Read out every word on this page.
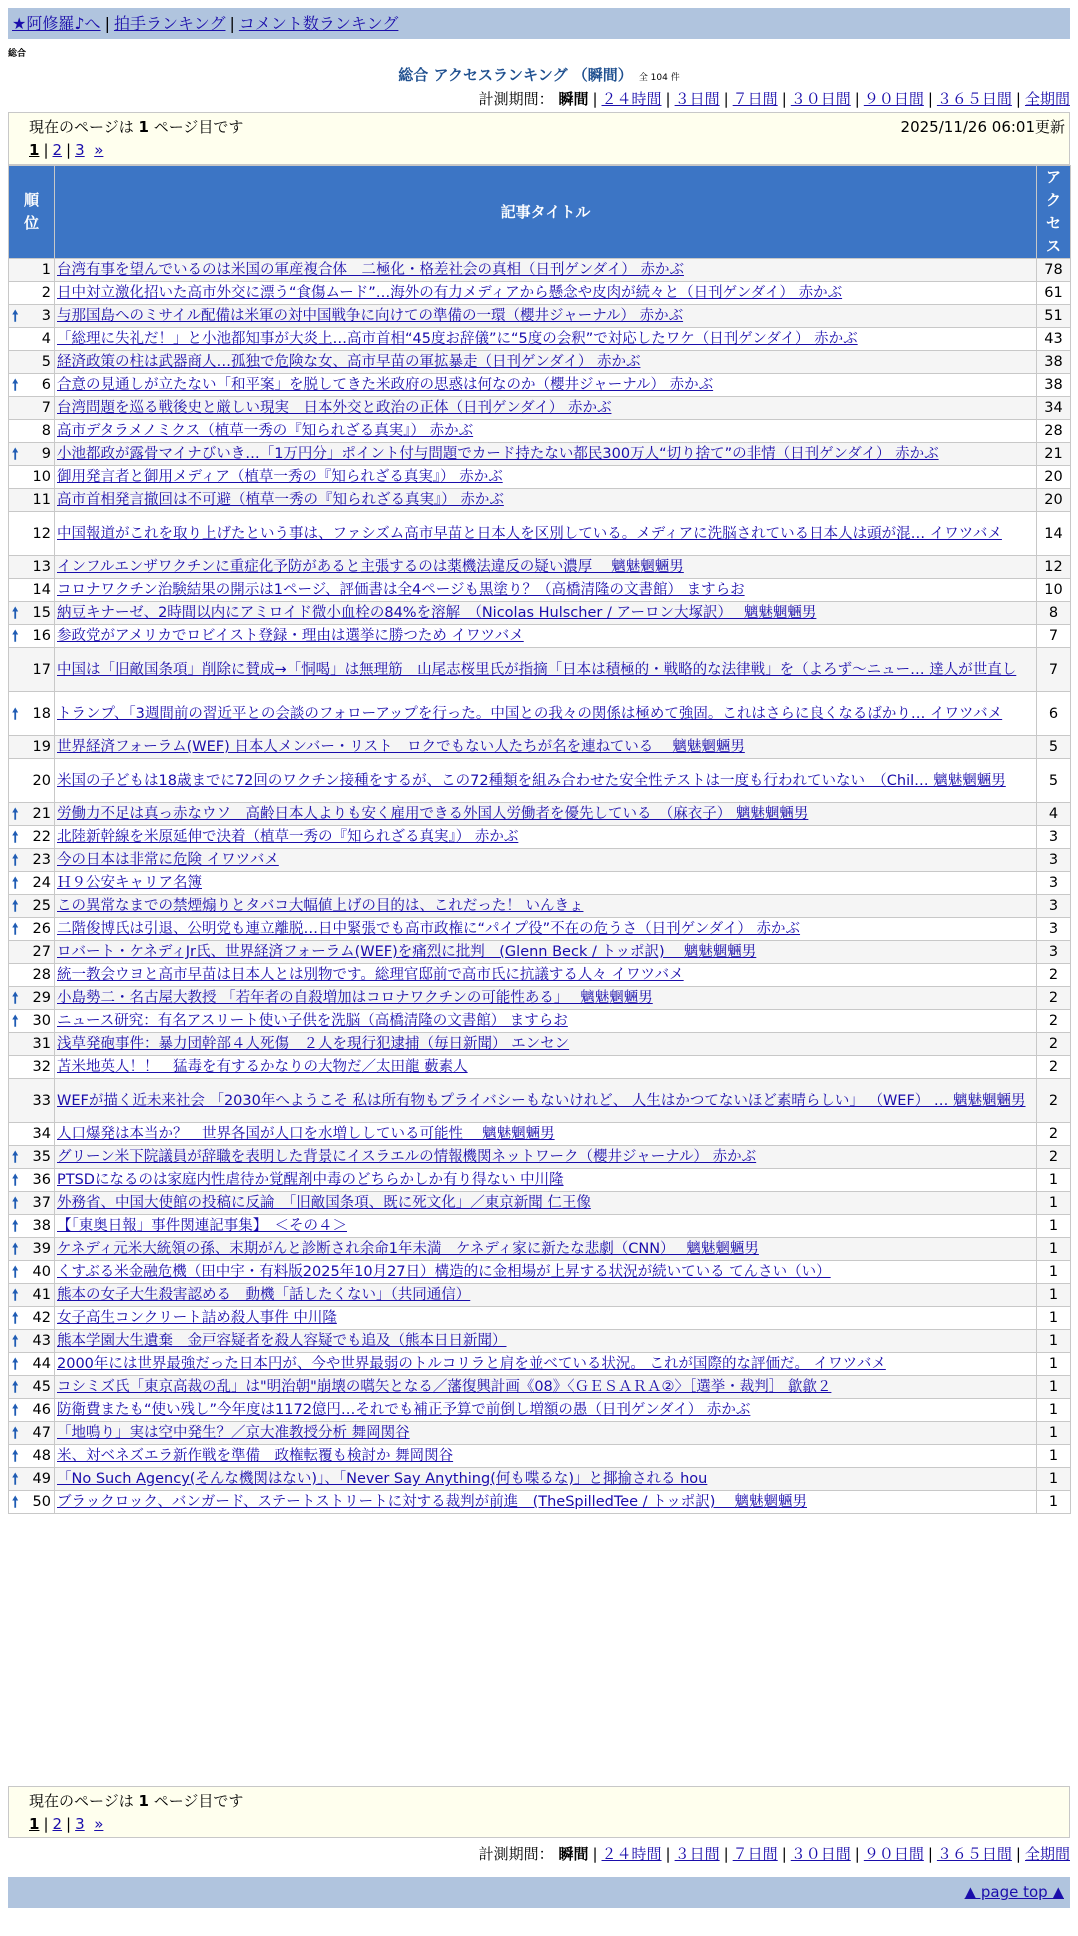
★阿修羅♪へ | 拍手ランキング | コメント数ランキング
総合
総合 アクセスランキング （瞬間） 全 104 件
計測期間： 瞬間 | ２４時間 | ３日間 | ７日間 | ３０日間 | ９０日間 | ３６５日間 | 全期間
現在のページは 1 ページ目です	2025/11/26 06:01更新
1 | 2 | 3 »
順位	記事タイトル	アクセス
1	台湾有事を望んでいるのは米国の軍産複合体　二極化・格差社会の真相（日刊ゲンダイ） 赤かぶ	78
2	日中対立激化招いた高市外交に漂う“食傷ムード”…海外の有力メディアから懸念や皮肉が続々と（日刊ゲンダイ） 赤かぶ	61

🠕 3	与那国島へのミサイル配備は米軍の対中国戦争に向けての準備の一環（櫻井ジャーナル） 赤かぶ	51
4	「総理に失礼だ！」と小池都知事が大炎上…高市首相“45度お辞儀”に“5度の会釈”で対応したワケ（日刊ゲンダイ） 赤かぶ	43
5	経済政策の柱は武器商人…孤独で危険な女、高市早苗の軍拡暴走（日刊ゲンダイ） 赤かぶ	38

🠕 6	合意の見通しが立たない「和平案」を脱してきた米政府の思惑は何なのか（櫻井ジャーナル） 赤かぶ	38
7	台湾問題を巡る戦後史と厳しい現実　日本外交と政治の正体（日刊ゲンダイ） 赤かぶ	34
8	高市デタラメノミクス（植草一秀の『知られざる真実』） 赤かぶ	28

🠕 9	小池都政が露骨マイナびいき…「1万円分」ポイント付与問題でカード持たない都民300万人“切り捨て”の非情（日刊ゲンダイ） 赤かぶ	21
10	御用発言者と御用メディア（植草一秀の『知られざる真実』） 赤かぶ	20
11	高市首相発言撤回は不可避（植草一秀の『知られざる真実』） 赤かぶ	20
12	中国報道がこれを取り上げたという事は、ファシズム高市早苗と日本人を区別している。メディアに洗脳されている日本人は頭が混… イワツバメ	14
13	インフルエンザワクチンに重症化予防があると主張するのは薬機法違反の疑い濃厚　 魑魅魍魎男	12
14	コロナワクチン治験結果の開示は1ページ、評価書は全4ページも黒塗り？（高橋清隆の文書館） ますらお	10

🠕 15	納豆キナーゼ、2時間以内にアミロイド微小血栓の84%を溶解　（Nicolas Hulscher / アーロン大塚訳）　 魑魅魍魎男	8

🠕 16	参政党がアメリカでロビイスト登録・理由は選挙に勝つため イワツバメ	7
17	中国は「旧敵国条項」削除に賛成→「恫喝」は無理筋　山尾志桜里氏が指摘「日本は積極的・戦略的な法律戦」を（よろず〜ニュー… 達人が世直し	7

🠕 18	トランプ、「3週間前の習近平との会談のフォローアップを行った。中国との我々の関係は極めて強固。これはさらに良くなるばかり… イワツバメ	6
19	世界経済フォーラム(WEF) 日本人メンバー・リスト　ロクでもない人たちが名を連ねている　 魑魅魍魎男	5
20	米国の子どもは18歳までに72回のワクチン接種をするが、この72種類を組み合わせた安全性テストは一度も行われていない　（Chil… 魑魅魍魎男	5

🠕 21	労働力不足は真っ赤なウソ　高齢日本人よりも安く雇用できる外国人労働者を優先している　（麻衣子） 魑魅魍魎男	4

🠕 22	北陸新幹線を米原延伸で決着（植草一秀の『知られざる真実』） 赤かぶ	3

🠕 23	今の日本は非常に危険 イワツバメ	3

🠕 24	Ｈ９公安キャリア名簿	3

🠕 25	この異常なまでの禁煙煽りとタバコ大幅値上げの目的は、これだった！ いんきょ	3

🠕 26	二階俊博氏は引退、公明党も連立離脱…日中緊張でも高市政権に“パイプ役”不在の危うさ（日刊ゲンダイ） 赤かぶ	3
27	ロバート・ケネディJr氏、世界経済フォーラム(WEF)を痛烈に批判　(Glenn Beck / トッポ訳)　 魑魅魍魎男	3
28	統一教会ウヨと高市早苗は日本人とは別物です。総理官邸前で高市氏に抗議する人々 イワツバメ	2

🠕 29	小島勢二・名古屋大教授 「若年者の自殺増加はコロナワクチンの可能性ある」　 魑魅魍魎男	2

🠕 30	ニュース研究：有名アスリート使い子供を洗脳（高橋清隆の文書館） ますらお	2
31	浅草発砲事件：暴力団幹部４人死傷　２人を現行犯逮捕（毎日新聞） エンセン	2
32	苫米地英人！！　猛毒を有するかなりの大物だ／太田龍 藪素人	2
33	WEFが描く近未来社会 「2030年へようこそ 私は所有物もプライバシーもないけれど、 人生はかつてないほど素晴らしい」 （WEF） … 魑魅魍魎男	2
34	人口爆発は本当か？　世界各国が人口を水増ししている可能性　 魑魅魍魎男	2

🠕 35	グリーン米下院議員が辞職を表明した背景にイスラエルの情報機関ネットワーク（櫻井ジャーナル） 赤かぶ	2

🠕 36	PTSDになるのは家庭内性虐待か覚醒剤中毒のどちらかしか有り得ない 中川隆	1

🠕 37	外務省、中国大使館の投稿に反論　「旧敵国条項、既に死文化」／東京新聞 仁王像	1

🠕 38	【「東奥日報」事件関連記事集】　＜その４＞	1

🠕 39	ケネディ元米大統領の孫、末期がんと診断され余命1年未満　ケネディ家に新たな悲劇（CNN）　 魑魅魍魎男	1

🠕 40	くすぶる米金融危機（田中宇・有料版2025年10月27日）構造的に金相場が上昇する状況が続いている てんさい（い）	1

🠕 41	熊本の女子大生殺害認める　動機「話したくない」（共同通信）	1

🠕 42	女子高生コンクリート詰め殺人事件 中川隆	1

🠕 43	熊本学園大生遺棄　金戸容疑者を殺人容疑でも追及（熊本日日新聞）	1

🠕 44	2000年には世界最強だった日本円が、今や世界最弱のトルコリラと肩を並べている状況。 これが国際的な評価だ。 イワツバメ	1

🠕 45	コシミズ氏「東京高裁の乱」は"明治朝"崩壊の嚆矢となる／藩復興計画《08》〈ＧＥＳＡＲＡ②〉［選挙・裁判］ 歙歙２	1

🠕 46	防衛費またも“使い残し”今年度は1172億円…それでも補正予算で前倒し増額の愚（日刊ゲンダイ） 赤かぶ	1

🠕 47	「地鳴り」実は空中発生？／京大准教授分析 舞岡関谷	1

🠕 48	米、対ベネズエラ新作戦を準備　政権転覆も検討か 舞岡関谷	1

🠕 49	「No Such Agency(そんな機関はない)」、「Never Say Anything(何も喋るな)」と揶揄される hou	1

🠕 50	ブラックロック、バンガード、ステートストリートに対する裁判が前進　(TheSpilledTee / トッポ訳)　 魑魅魍魎男	1
現在のページは 1 ページ目です
1 | 2 | 3 »
計測期間： 瞬間 | ２４時間 | ３日間 | ７日間 | ３０日間 | ９０日間 | ３６５日間 | 全期間
▲ page top ▲
